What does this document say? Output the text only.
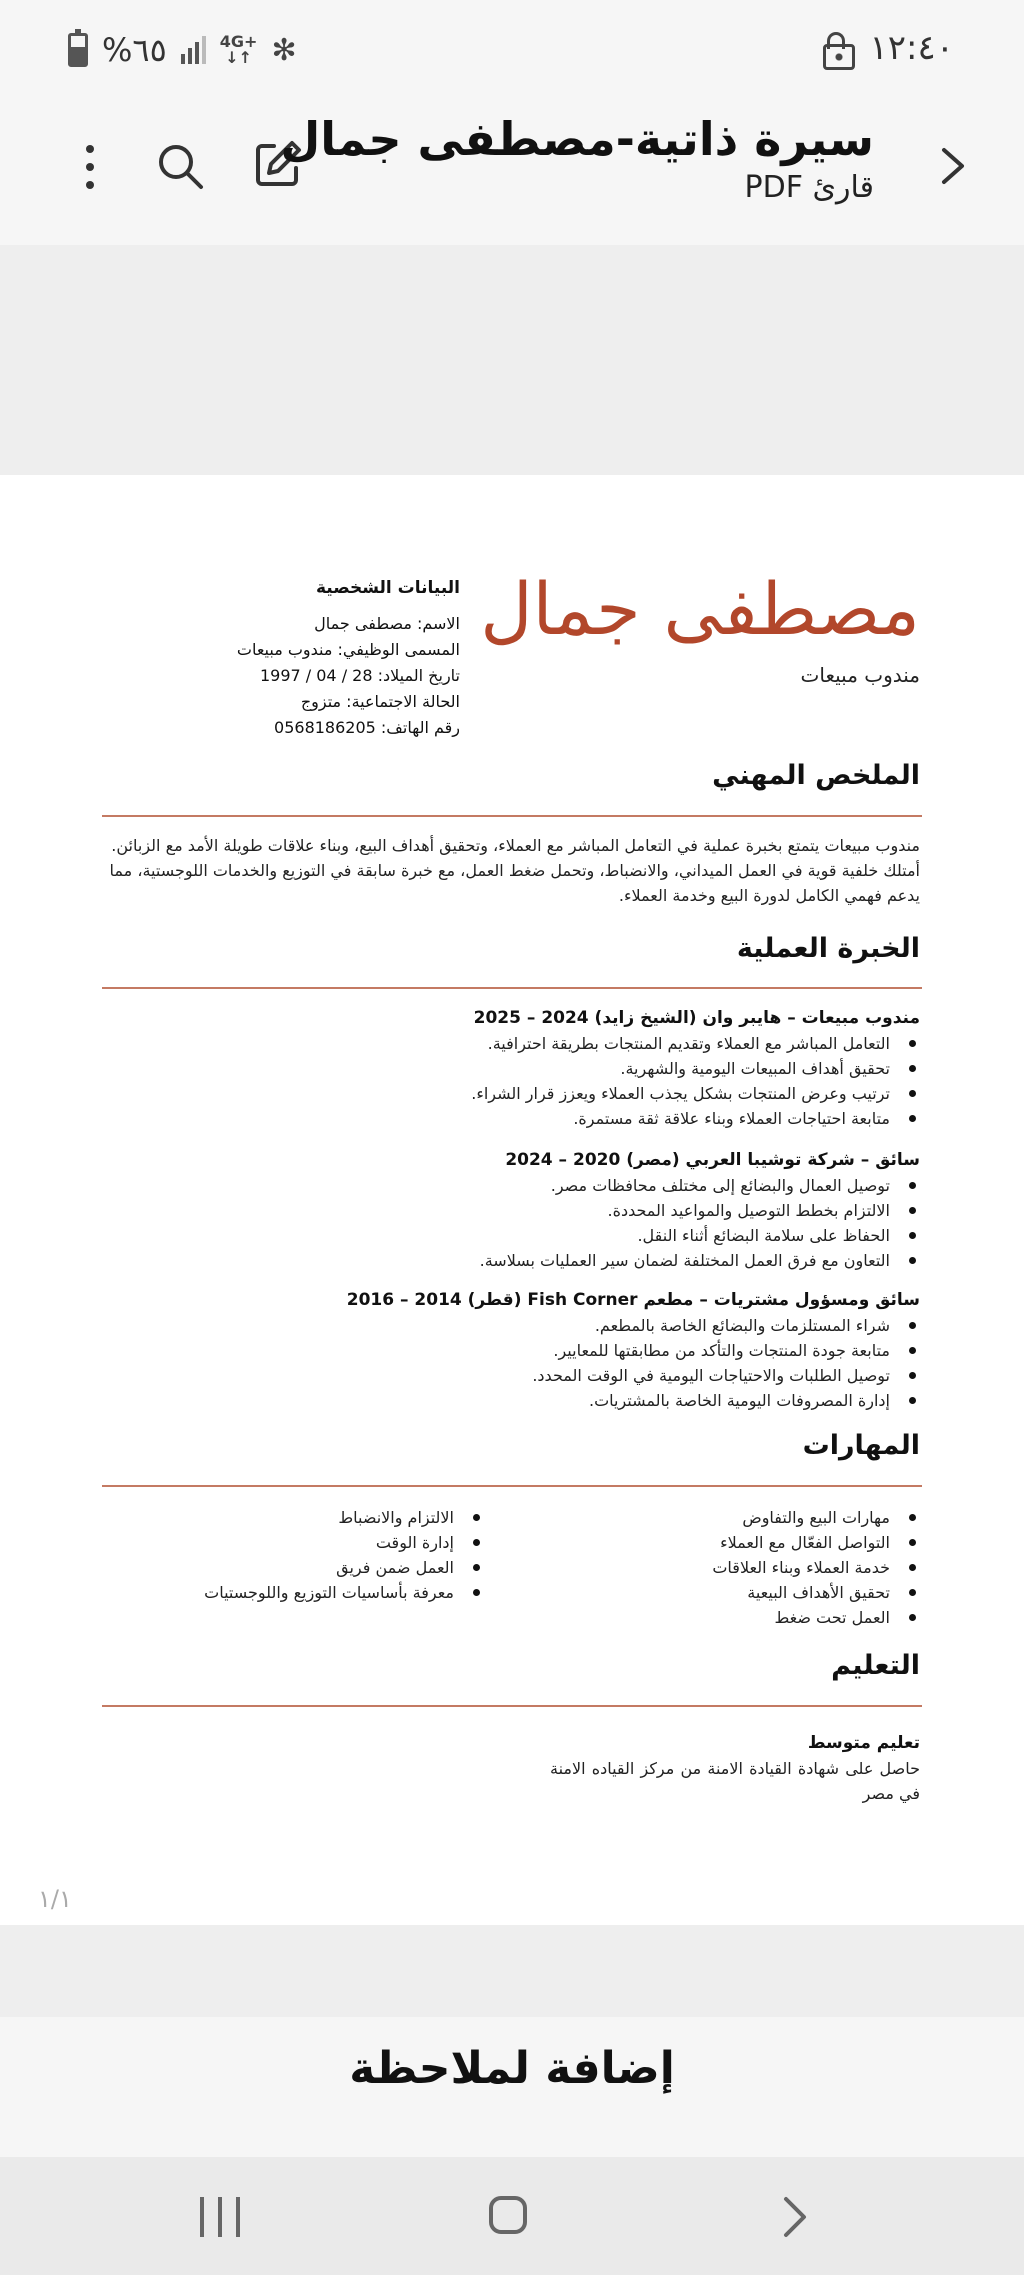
%٦٥	4G+
↓↑ ✻	١٢:٤٠
سيرة ذاتية-مصطفى جمال
قارئ PDF
مصطفى جمال
مندوب مبيعات
البيانات الشخصية
الاسم: مصطفى جمال
المسمى الوظيفي: مندوب مبيعات
تاريخ الميلاد: 28 / 04 / 1997
الحالة الاجتماعية: متزوج
رقم الهاتف: 0568186205
الملخص المهني
مندوب مبيعات يتمتع بخبرة عملية في التعامل المباشر مع العملاء، وتحقيق أهداف البيع، وبناء علاقات طويلة الأمد مع الزبائن. أمتلك خلفية قوية في العمل الميداني، والانضباط، وتحمل ضغط العمل، مع خبرة سابقة في التوزيع والخدمات اللوجستية، مما يدعم فهمي الكامل لدورة البيع وخدمة العملاء.
الخبرة العملية
مندوب مبيعات – هايبر وان (الشيخ زايد) 2024 – 2025
التعامل المباشر مع العملاء وتقديم المنتجات بطريقة احترافية.
تحقيق أهداف المبيعات اليومية والشهرية.
ترتيب وعرض المنتجات بشكل يجذب العملاء ويعزز قرار الشراء.
متابعة احتياجات العملاء وبناء علاقة ثقة مستمرة.
سائق – شركة توشيبا العربي (مصر) 2020 – 2024
توصيل العمال والبضائع إلى مختلف محافظات مصر.
الالتزام بخطط التوصيل والمواعيد المحددة.
الحفاظ على سلامة البضائع أثناء النقل.
التعاون مع فرق العمل المختلفة لضمان سير العمليات بسلاسة.
سائق ومسؤول مشتريات – مطعم Fish Corner (قطر) 2014 – 2016
شراء المستلزمات والبضائع الخاصة بالمطعم.
متابعة جودة المنتجات والتأكد من مطابقتها للمعايير.
توصيل الطلبات والاحتياجات اليومية في الوقت المحدد.
إدارة المصروفات اليومية الخاصة بالمشتريات.
المهارات
مهارات البيع والتفاوض
التواصل الفعّال مع العملاء
خدمة العملاء وبناء العلاقات
تحقيق الأهداف البيعية
العمل تحت ضغط
الالتزام والانضباط
إدارة الوقت
العمل ضمن فريق
معرفة بأساسيات التوزيع واللوجستيات
التعليم
تعليم متوسط
حاصل على شهادة القيادة الامنة من مركز القياده الامنة في مصر
١/١
إضافة لملاحظة
